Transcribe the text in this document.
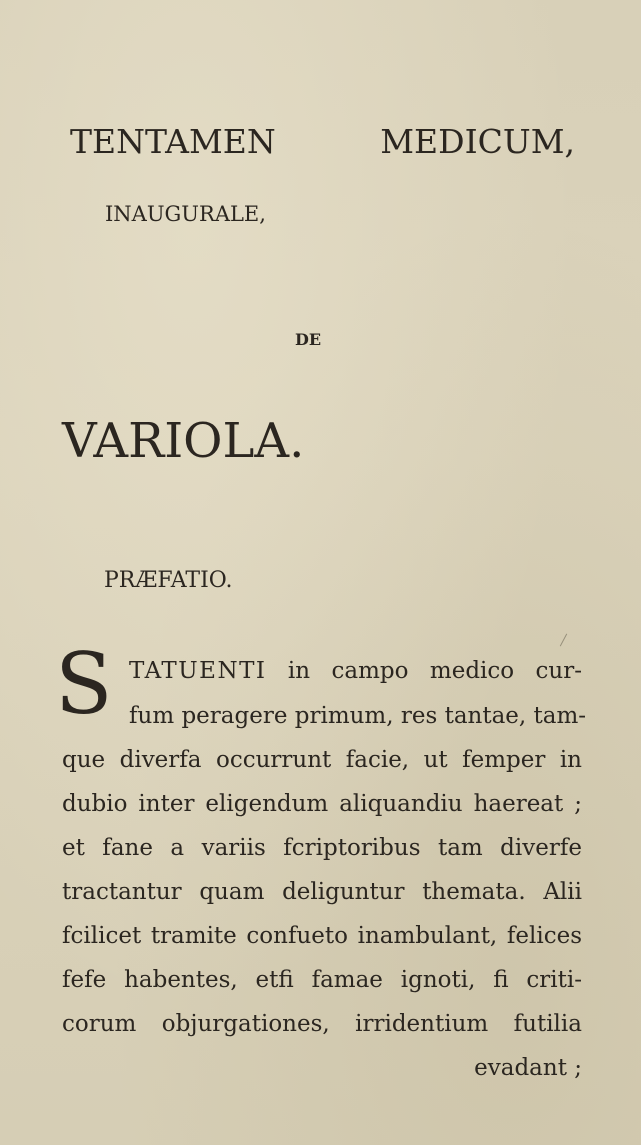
TENTAMEN MEDICUM,
INAUGURALE,
DE
VARIOLA.
PRÆFATIO.
S TATUENTI in campo medico cur-
fum peragere primum, res tantae, tam-
que diverfa occurrunt facie, ut femper in
dubio inter eligendum aliquandiu haereat ;
et fane a variis fcriptoribus tam diverfe
tractantur quam deliguntur themata. Alii
fcilicet tramite confueto inambulant, felices
fefe habentes, etfi famae ignoti, fi criti-
corum objurgationes, irridentium futilia
evadant ;
